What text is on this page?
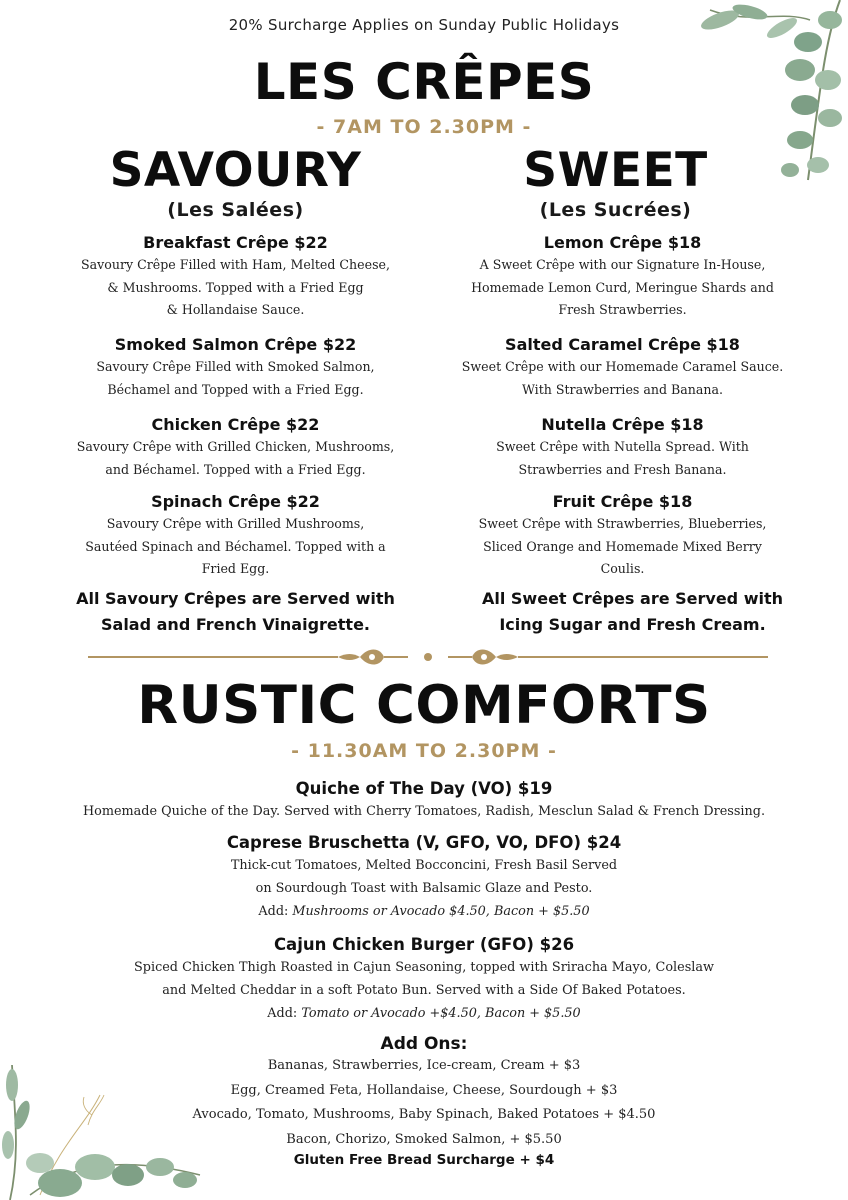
20% Surcharge Applies on Sunday Public Holidays
LES CRÊPES
- 7AM TO 2.30PM -
SAVOURY
(Les Salées)
Breakfast Crêpe $22
Savoury Crêpe Filled with Ham, Melted Cheese,
& Mushrooms. Topped with a Fried Egg
& Hollandaise Sauce.
Smoked Salmon Crêpe $22
Savoury Crêpe Filled with Smoked Salmon,
Béchamel and Topped with a Fried Egg.
Chicken Crêpe $22
Savoury Crêpe with Grilled Chicken, Mushrooms,
and Béchamel. Topped with a Fried Egg.
Spinach Crêpe $22
Savoury Crêpe with Grilled Mushrooms,
Sautéed Spinach and Béchamel. Topped with a
Fried Egg.
All Savoury Crêpes are Served with
Salad and French Vinaigrette.
SWEET
(Les Sucrées)
Lemon Crêpe $18
A Sweet Crêpe with our Signature In-House,
Homemade Lemon Curd, Meringue Shards and
Fresh Strawberries.
Salted Caramel Crêpe $18
Sweet Crêpe with our Homemade Caramel Sauce.
With Strawberries and Banana.
Nutella Crêpe $18
Sweet Crêpe with Nutella Spread. With
Strawberries and Fresh Banana.
Fruit Crêpe $18
Sweet Crêpe with Strawberries, Blueberries,
Sliced Orange and Homemade Mixed Berry
Coulis.
All Sweet Crêpes are Served with
Icing Sugar and Fresh Cream.
RUSTIC COMFORTS
- 11.30AM TO 2.30PM -
Quiche of The Day (VO) $19
Homemade Quiche of the Day. Served with Cherry Tomatoes, Radish, Mesclun Salad & French Dressing.
Caprese Bruschetta (V, GFO, VO, DFO) $24
Thick-cut Tomatoes, Melted Bocconcini, Fresh Basil Served
on Sourdough Toast with Balsamic Glaze and Pesto.
Add: Mushrooms or Avocado $4.50, Bacon + $5.50
Cajun Chicken Burger (GFO) $26
Spiced Chicken Thigh Roasted in Cajun Seasoning, topped with Sriracha Mayo, Coleslaw
and Melted Cheddar in a soft Potato Bun. Served with a Side Of Baked Potatoes.
Add: Tomato or Avocado +$4.50, Bacon + $5.50
Add Ons:
Bananas, Strawberries, Ice-cream, Cream + $3
Egg, Creamed Feta, Hollandaise, Cheese, Sourdough + $3
Avocado, Tomato, Mushrooms, Baby Spinach, Baked Potatoes + $4.50
Bacon, Chorizo, Smoked Salmon, + $5.50
Gluten Free Bread Surcharge + $4
